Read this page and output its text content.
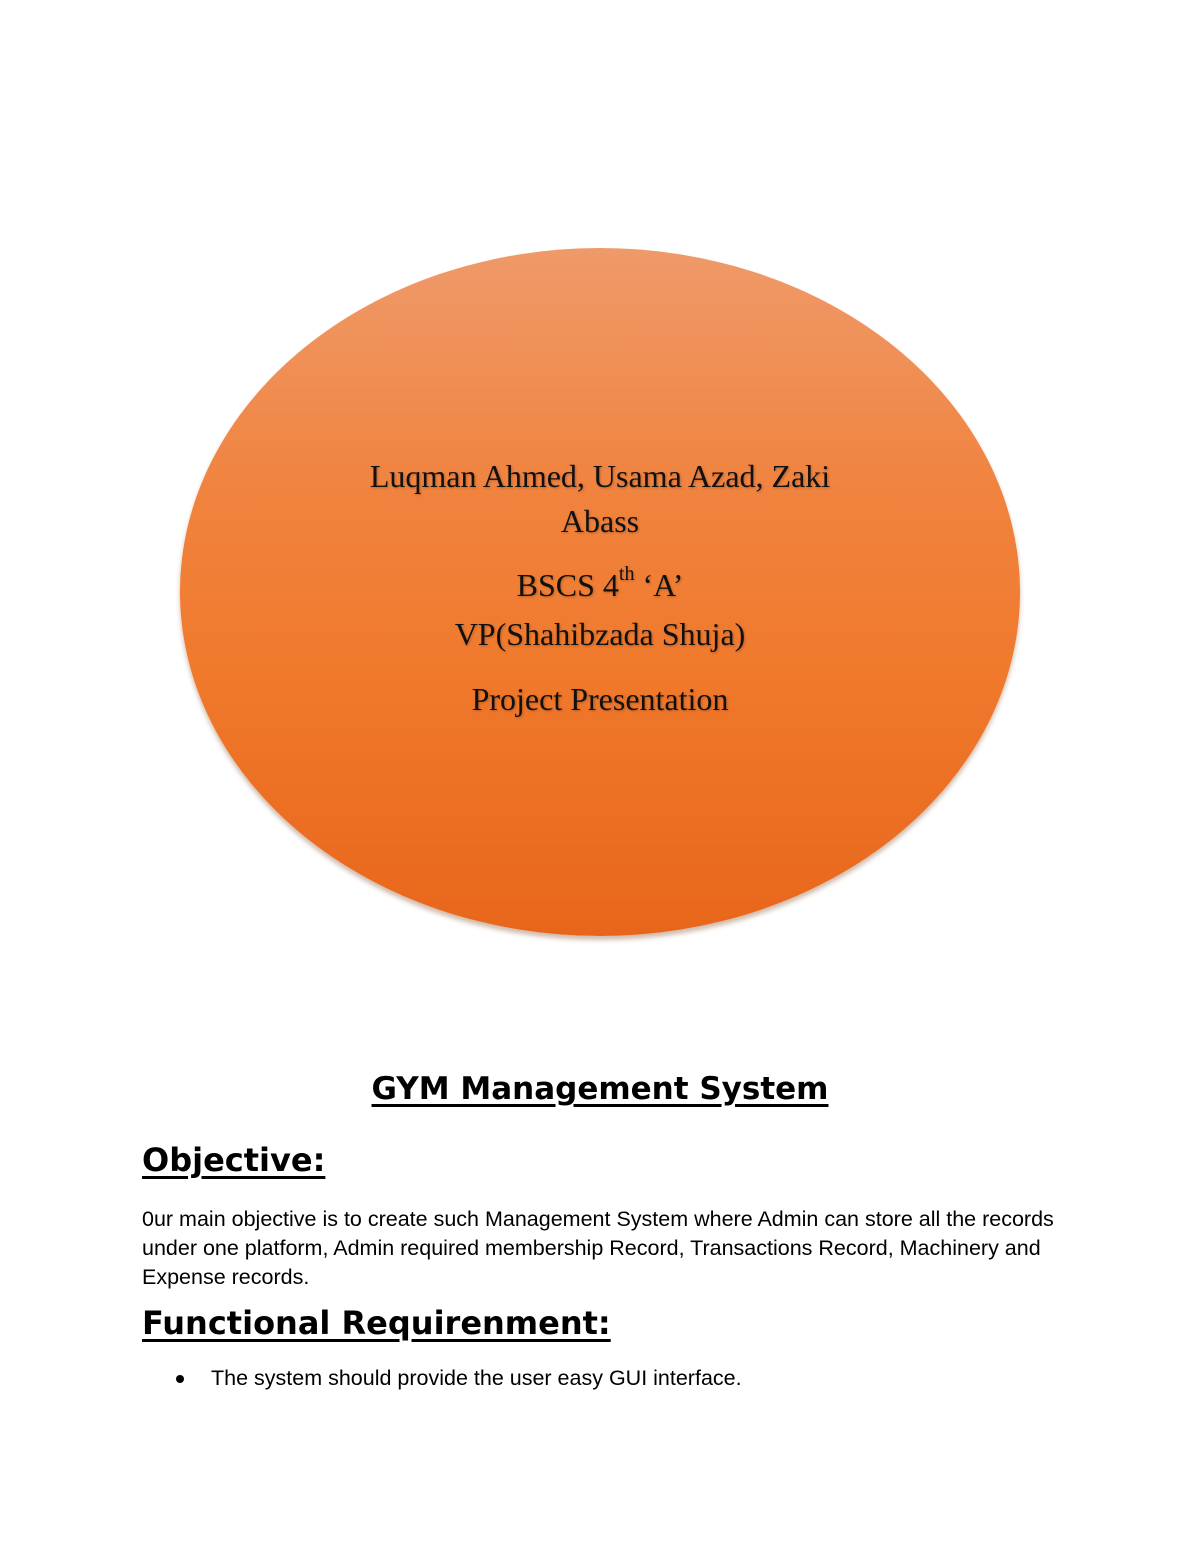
Luqman Ahmed, Usama Azad, Zaki
Abass
BSCS 4th ‘A’
VP(Shahibzada Shuja)
Project Presentation
GYM Management System
Objective:
0ur main objective is to create such Management System where Admin can store all the records under one platform, Admin required membership Record, Transactions Record, Machinery and Expense records.
Functional Requirenment:
The system should provide the user easy GUI interface.
